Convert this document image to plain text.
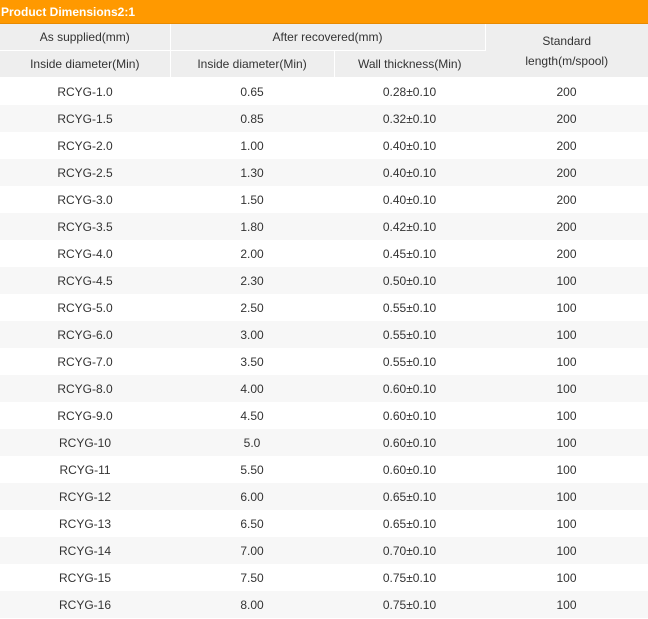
Product Dimensions2:1
As supplied(mm)	After recovered(mm)		Standard
length(m/spool)
Inside diameter(Min)	Inside diameter(Min)	Wall thickness(Min)	
RCYG-1.0	0.65	0.28±0.10	200
RCYG-1.5	0.85	0.32±0.10	200
RCYG-2.0	1.00	0.40±0.10	200
RCYG-2.5	1.30	0.40±0.10	200
RCYG-3.0	1.50	0.40±0.10	200
RCYG-3.5	1.80	0.42±0.10	200
RCYG-4.0	2.00	0.45±0.10	200
RCYG-4.5	2.30	0.50±0.10	100
RCYG-5.0	2.50	0.55±0.10	100
RCYG-6.0	3.00	0.55±0.10	100
RCYG-7.0	3.50	0.55±0.10	100
RCYG-8.0	4.00	0.60±0.10	100
RCYG-9.0	4.50	0.60±0.10	100
RCYG-10	5.0	0.60±0.10	100
RCYG-11	5.50	0.60±0.10	100
RCYG-12	6.00	0.65±0.10	100
RCYG-13	6.50	0.65±0.10	100
RCYG-14	7.00	0.70±0.10	100
RCYG-15	7.50	0.75±0.10	100
RCYG-16	8.00	0.75±0.10	100
